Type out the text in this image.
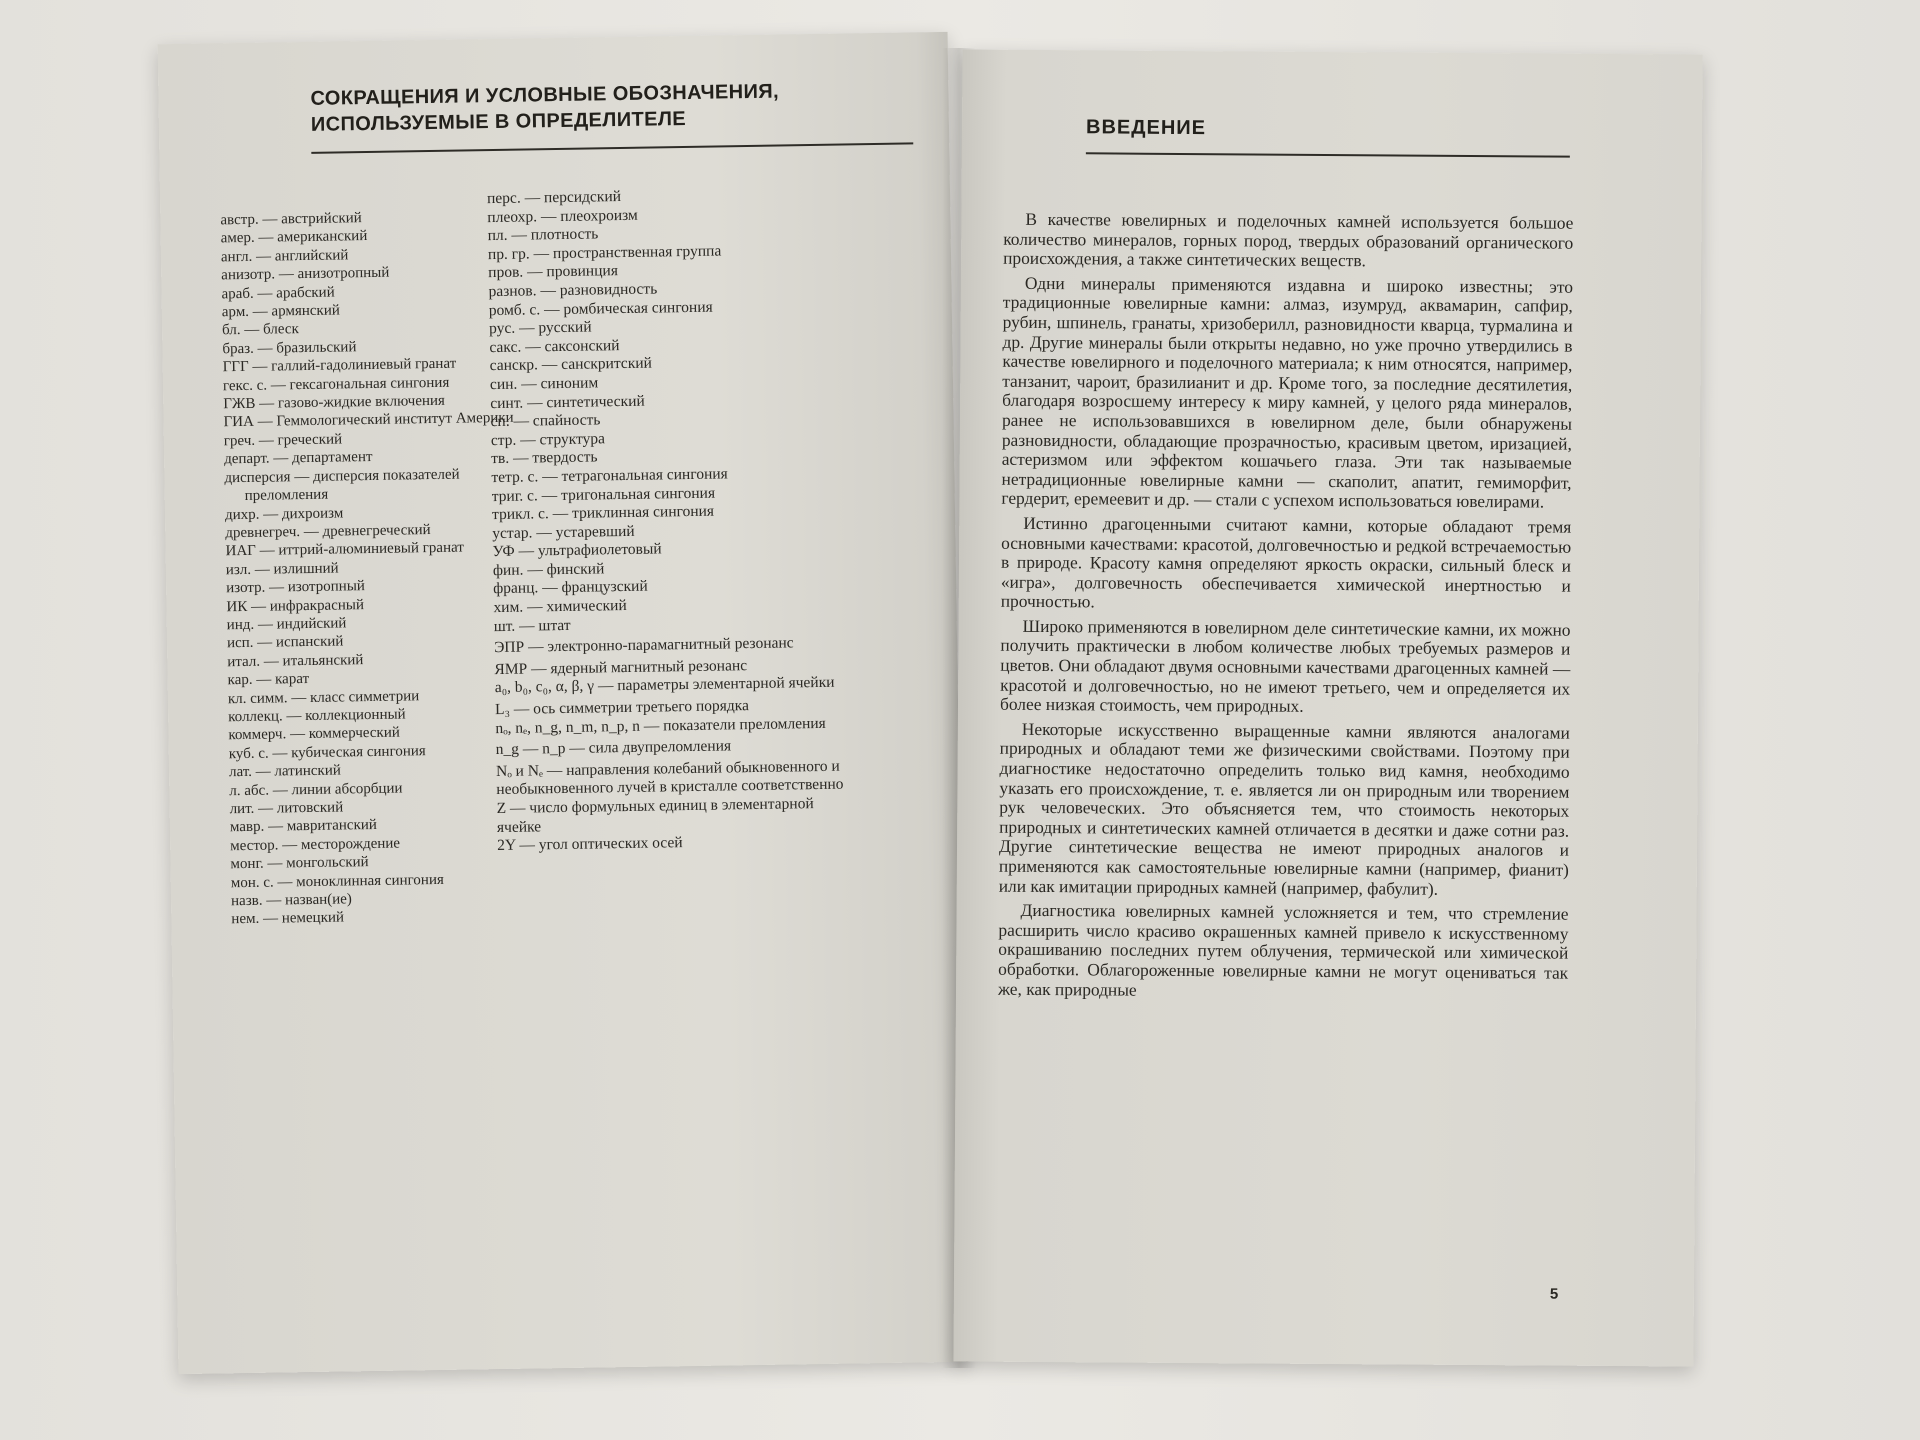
СОКРАЩЕНИЯ И УСЛОВНЫЕ ОБОЗНАЧЕНИЯ,
ИСПОЛЬЗУЕМЫЕ В ОПРЕДЕЛИТЕЛЕ
австр. — австрийский
амер. — американский
англ. — английский
анизотр. — анизотропный
араб. — арабский
арм. — армянский
бл. — блеск
браз. — бразильский
ГГГ — галлий-гадолиниевый гранат
гекс. с. — гексагональная сингония
ГЖВ — газово-жидкие включения
ГИА — Геммологический институт Америки
греч. — греческий
департ. — департамент
дисперсия — дисперсия показателей преломления
дихр. — дихроизм
древнегреч. — древнегреческий
ИАГ — иттрий-алюминиевый гранат
изл. — излишний
изотр. — изотропный
ИК — инфракрасный
инд. — индийский
исп. — испанский
итал. — итальянский
кар. — карат
кл. симм. — класс симметрии
коллекц. — коллекционный
коммерч. — коммерческий
куб. с. — кубическая сингония
лат. — латинский
л. абс. — линии абсорбции
лит. — литовский
мавр. — мавританский
местор. — месторождение
монг. — монгольский
мон. с. — моноклинная сингония
назв. — назван(ие)
нем. — немецкий
перс. — персидский
плеохр. — плеохроизм
пл. — плотность
пр. гр. — пространственная группа
пров. — провинция
разнов. — разновидность
ромб. с. — ромбическая сингония
рус. — русский
сакс. — саксонский
санскр. — санскритский
син. — синоним
синт. — синтетический
сп. — спайность
стр. — структура
тв. — твердость
тетр. с. — тетрагональная сингония
триг. с. — тригональная сингония
трикл. с. — триклинная сингония
устар. — устаревший
УФ — ультрафиолетовый
фин. — финский
франц. — французский
хим. — химический
шт. — штат
ЭПР — электронно-парамагнитный резонанс
ЯМР — ядерный магнитный резонанс
a₀, b₀, c₀, α, β, γ — параметры элементарной ячейки
L₃ — ось симметрии третьего порядка
nₒ, nₑ, n_g, n_m, n_p, n — показатели преломления
n_g — n_p — сила двупреломления
Nₒ и Nₑ — направления колебаний обыкновенного и необыкновенного лучей в кристалле соответственно
Z — число формульных единиц в элементарной ячейке
2Y — угол оптических осей
ВВЕДЕНИЕ

В качестве ювелирных и поделочных камней используется большое количество минералов, горных пород, твердых образований органического происхождения, а также синтетических веществ.

Одни минералы применяются издавна и широко известны; это традиционные ювелирные камни: алмаз, изумруд, аквамарин, сапфир, рубин, шпинель, гранаты, хризоберилл, разновидности кварца, турмалина и др. Другие минералы были открыты недавно, но уже прочно утвердились в качестве ювелирного и поделочного материала; к ним относятся, например, танзанит, чароит, бразилианит и др. Кроме того, за последние десятилетия, благодаря возросшему интересу к миру камней, у целого ряда минералов, ранее не использовавшихся в ювелирном деле, были обнаружены разновидности, обладающие прозрачностью, красивым цветом, иризацией, астеризмом или эффектом кошачьего глаза. Эти так называемые нетрадиционные ювелирные камни — скаполит, апатит, гемиморфит, гердерит, еремеевит и др. — стали с успехом использоваться ювелирами.

Истинно драгоценными считают камни, которые обладают тремя основными качествами: красотой, долговечностью и редкой встречаемостью в природе. Красоту камня определяют яркость окраски, сильный блеск и «игра», долговечность обеспечивается химической инертностью и прочностью.

Широко применяются в ювелирном деле синтетические камни, их можно получить практически в любом количестве любых требуемых размеров и цветов. Они обладают двумя основными качествами драгоценных камней — красотой и долговечностью, но не имеют третьего, чем и определяется их более низкая стоимость, чем природных.

Некоторые искусственно выращенные камни являются аналогами природных и обладают теми же физическими свойствами. Поэтому при диагностике недостаточно определить только вид камня, необходимо указать его происхождение, т. е. является ли он природным или творением рук человеческих. Это объясняется тем, что стоимость некоторых природных и синтетических камней отличается в десятки и даже сотни раз. Другие синтетические вещества не имеют природных аналогов и применяются как самостоятельные ювелирные камни (например, фианит) или как имитации природных камней (например, фабулит).

Диагностика ювелирных камней усложняется и тем, что стремление расширить число красиво окрашенных камней привело к искусственному окрашиванию последних путем облучения, термической или химической обработки. Облагороженные ювелирные камни не могут оцениваться так же, как природные

5
